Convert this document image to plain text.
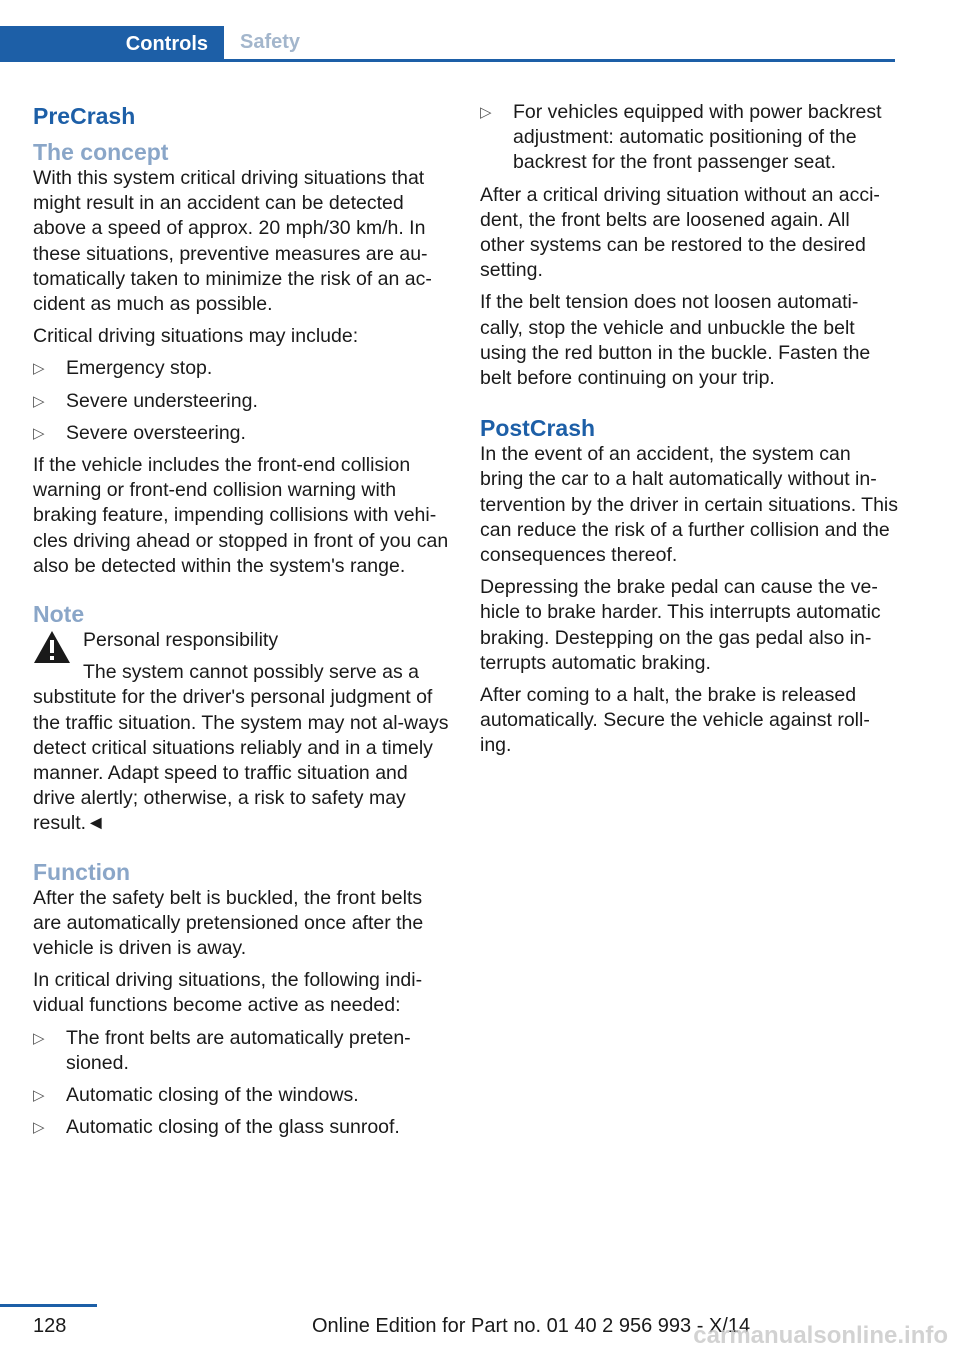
Controls	Safety
PreCrash
The concept

With this system critical driving situations that might result in an accident can be detected above a speed of approx. 20 mph/30 km/h. In these situations, preventive measures are au-tomatically taken to minimize the risk of an ac-cident as much as possible.

Critical driving situations may include:

▷ Emergency stop.
▷ Severe understeering.
▷ Severe oversteering.

If the vehicle includes the front-end collision warning or front-end collision warning with braking feature, impending collisions with vehi-cles driving ahead or stopped in front of you can also be detected within the system's range.

Note

Personal responsibility

The system cannot possibly serve as a substitute for the driver's personal judgment of the traffic situation. The system may not al-ways detect critical situations reliably and in a timely manner. Adapt speed to traffic situation and drive alertly; otherwise, a risk to safety may result.◄

Function

After the safety belt is buckled, the front belts are automatically pretensioned once after the vehicle is driven is away.

In critical driving situations, the following indi-vidual functions become active as needed:

▷ The front belts are automatically preten-sioned.
▷ Automatic closing of the windows.
▷ Automatic closing of the glass sunroof.
▷ For vehicles equipped with power backrest adjustment: automatic positioning of the backrest for the front passenger seat.

After a critical driving situation without an acci-dent, the front belts are loosened again. All other systems can be restored to the desired setting.

If the belt tension does not loosen automati-cally, stop the vehicle and unbuckle the belt using the red button in the buckle. Fasten the belt before continuing on your trip.

PostCrash

In the event of an accident, the system can bring the car to a halt automatically without in-tervention by the driver in certain situations. This can reduce the risk of a further collision and the consequences thereof.

Depressing the brake pedal can cause the ve-hicle to brake harder. This interrupts automatic braking. Destepping on the gas pedal also in-terrupts automatic braking.

After coming to a halt, the brake is released automatically. Secure the vehicle against roll-ing.

128	Online Edition for Part no. 01 40 2 956 993 - X/14
carmanualsonline.info
